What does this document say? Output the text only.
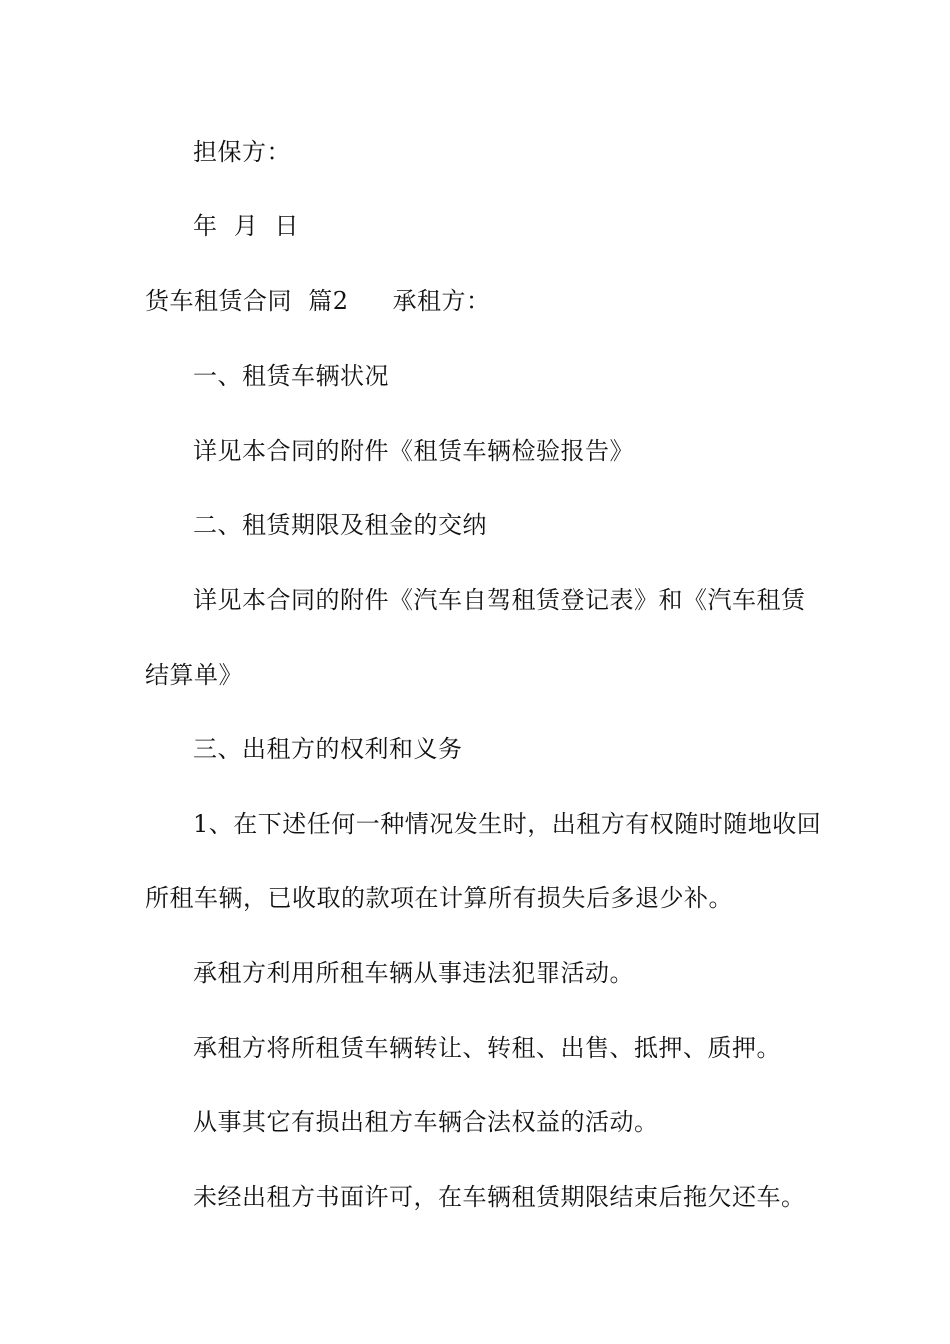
担保方：

年  月  日

货车租赁合同  篇2 承租方：

一、租赁车辆状况

详见本合同的附件《租赁车辆检验报告》

二、租赁期限及租金的交纳

详见本合同的附件《汽车自驾租赁登记表》和《汽车租赁

结算单》

三、出租方的权利和义务

1、在下述任何一种情况发生时，出租方有权随时随地收回

所租车辆，已收取的款项在计算所有损失后多退少补。

承租方利用所租车辆从事违法犯罪活动。

承租方将所租赁车辆转让、转租、出售、抵押、质押。

从事其它有损出租方车辆合法权益的活动。

未经出租方书面许可，在车辆租赁期限结束后拖欠还车。
